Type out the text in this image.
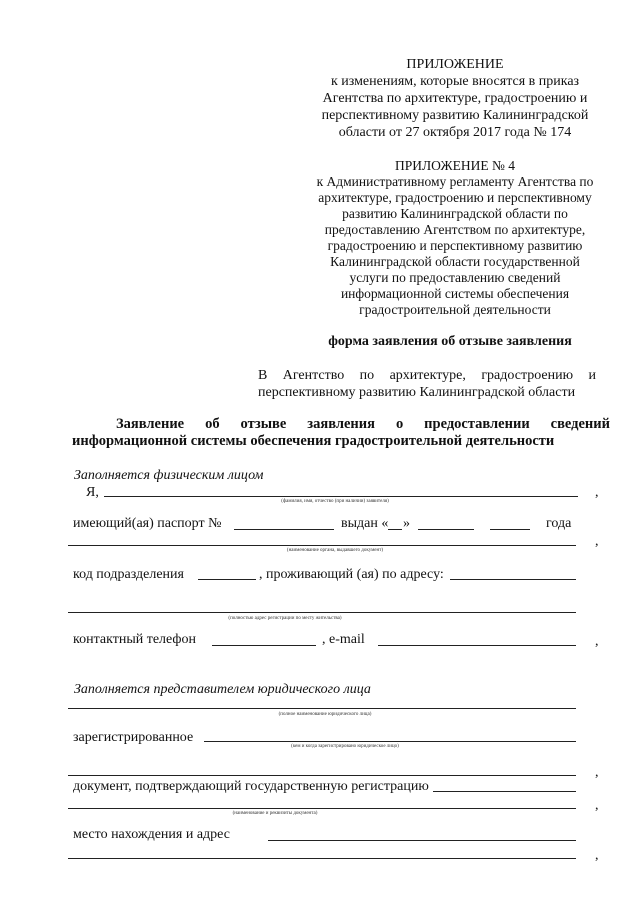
ПРИЛОЖЕНИЕ
к изменениям, которые вносятся в приказ
Агентства по архитектуре, градостроению и
перспективному развитию Калининградской
области от 27 октября 2017 года № 174
ПРИЛОЖЕНИЕ № 4
к Административному регламенту Агентства по
архитектуре, градостроению и перспективному
развитию Калининградской области по
предоставлению Агентством по архитектуре,
градостроению и перспективному развитию
Калининградской области государственной
услуги по предоставлению сведений
информационной системы обеспечения
градостроительной деятельности
форма заявления об отзыве заявления
В Агентство по архитектуре, градостроению и
перспективному развитию Калининградской области
Заявление об отзыве заявления о предоставлении сведений
информационной системы обеспечения градостроительной деятельности
Заполняется физическим лицом
Я,	,
(фамилия, имя, отчество (при наличии) заявителя)
имеющий(ая) паспорт №	выдан « »	года
,
(наименование органа, выдавшего документ)
код подразделения	, проживающий (ая) по адресу:
(полностью адрес регистрации по месту жительства)
контактный телефон	, e-mail	,
Заполняется представителем юридического лица
(полное наименование юридического лица)
зарегистрированное
(кем и когда зарегистрировано юридическое лицо)
,
документ, подтверждающий государственную регистрацию
,
(наименование и реквизиты документа)
место нахождения и адрес
,
